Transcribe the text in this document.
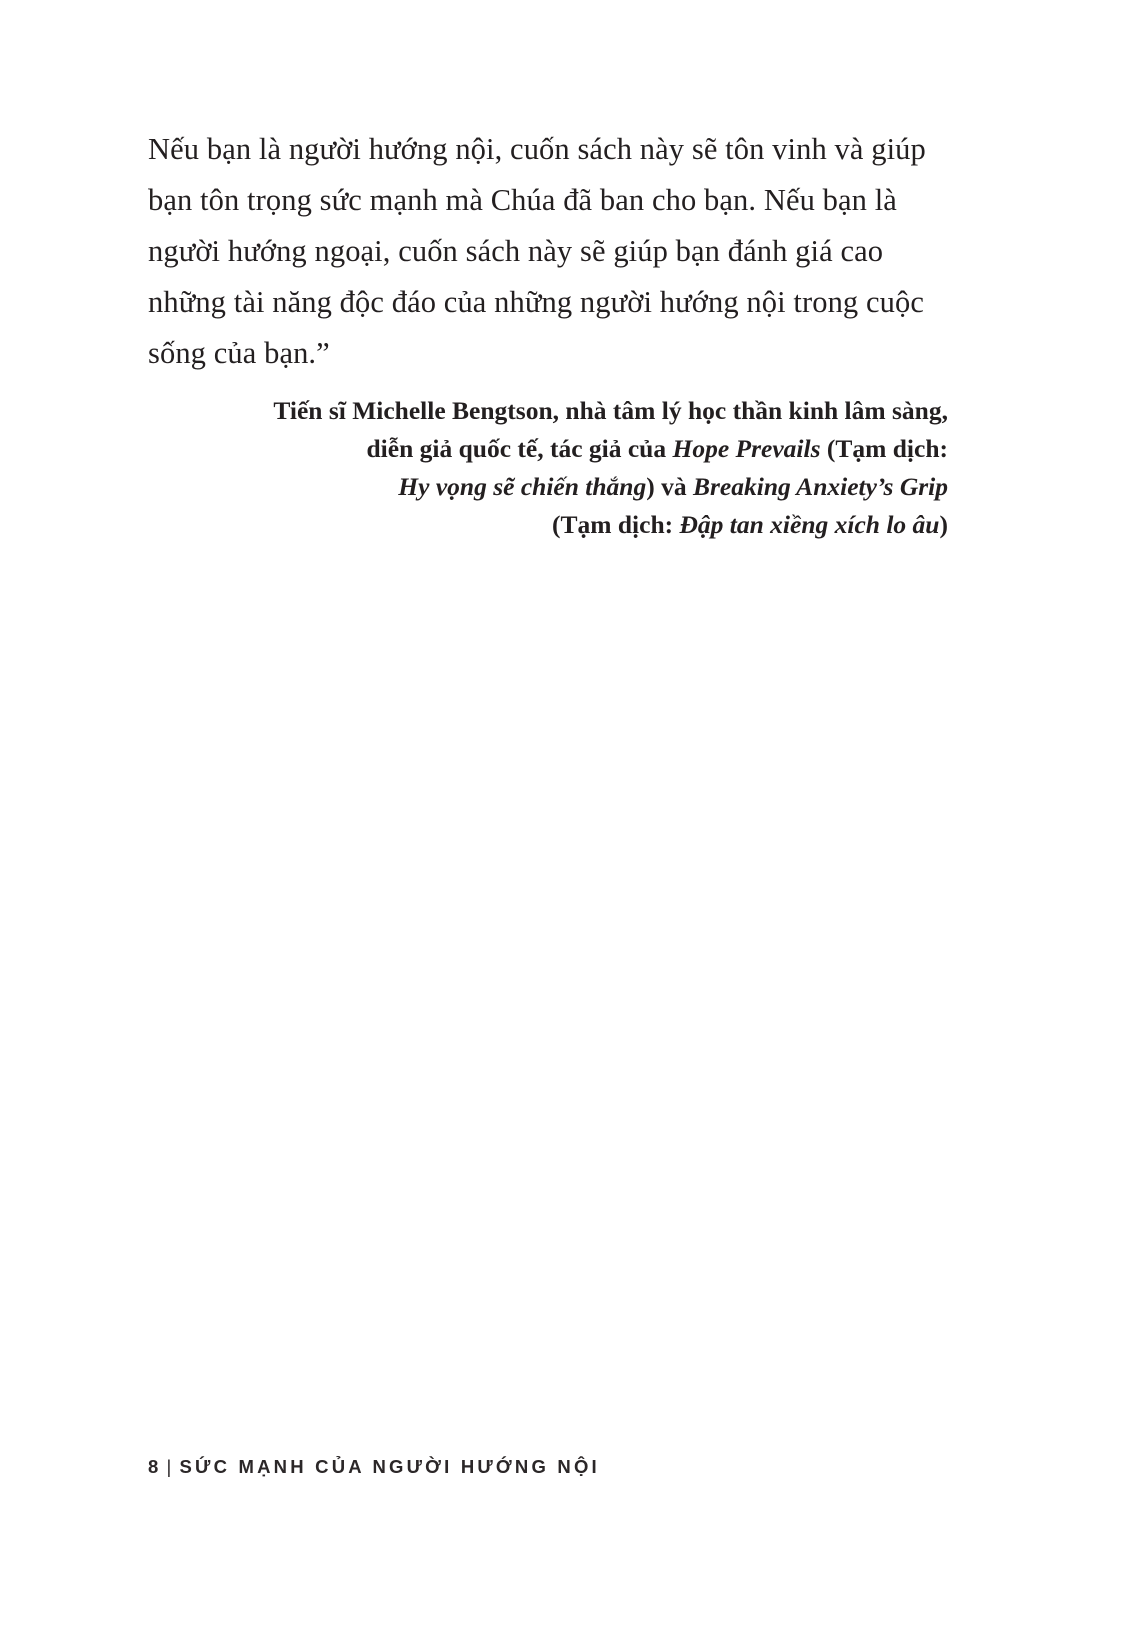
Nếu bạn là người hướng nội, cuốn sách này sẽ tôn vinh và giúp bạn tôn trọng sức mạnh mà Chúa đã ban cho bạn. Nếu bạn là người hướng ngoại, cuốn sách này sẽ giúp bạn đánh giá cao những tài năng độc đáo của những người hướng nội trong cuộc sống của bạn.”

Tiến sĩ Michelle Bengtson, nhà tâm lý học thần kinh lâm sàng,
diễn giả quốc tế, tác giả của Hope Prevails (Tạm dịch:
Hy vọng sẽ chiến thắng) và Breaking Anxiety’s Grip
(Tạm dịch: Đập tan xiềng xích lo âu)
8 | SỨC MẠNH CỦA NGƯỜI HƯỚNG NỘI
